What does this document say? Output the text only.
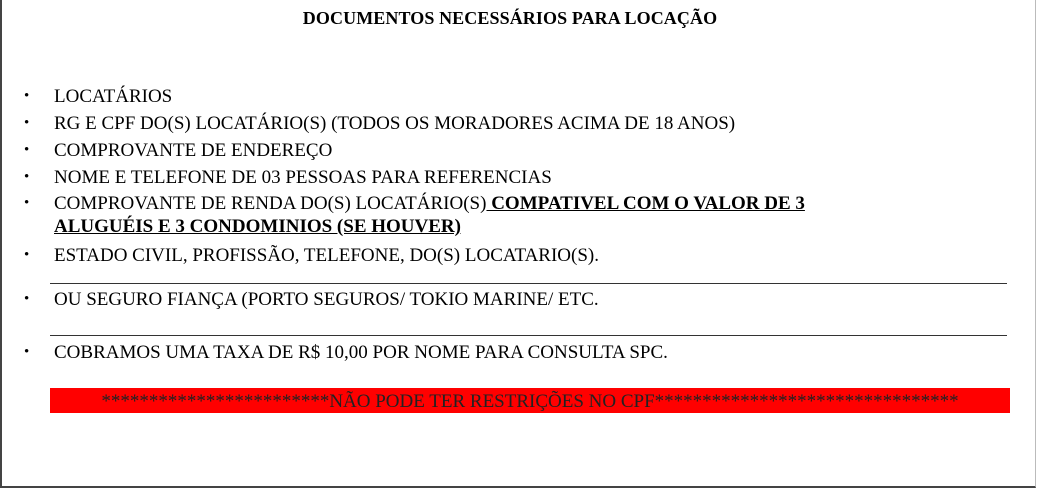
DOCUMENTOS NECESSÁRIOS PARA LOCAÇÃO
•	LOCATÁRIOS
•	RG E CPF DO(S) LOCATÁRIO(S) (TODOS OS MORADORES ACIMA DE 18 ANOS)
•	COMPROVANTE DE ENDEREÇO
•	NOME E TELEFONE DE 03 PESSOAS PARA REFERENCIAS
•	COMPROVANTE DE RENDA DO(S) LOCATÁRIO(S) COMPATIVEL COM O VALOR DE 3
ALUGUÉIS E 3 CONDOMINIOS (SE HOUVER)
•	ESTADO CIVIL, PROFISSÃO, TELEFONE, DO(S) LOCATARIO(S).
•	OU SEGURO FIANÇA (PORTO SEGUROS/ TOKIO MARINE/ ETC.
•	COBRAMOS UMA TAXA DE R$ 10,00 POR NOME PARA CONSULTA SPC.
************************NÃO PODE TER RESTRIÇÕES NO CPF********************************
